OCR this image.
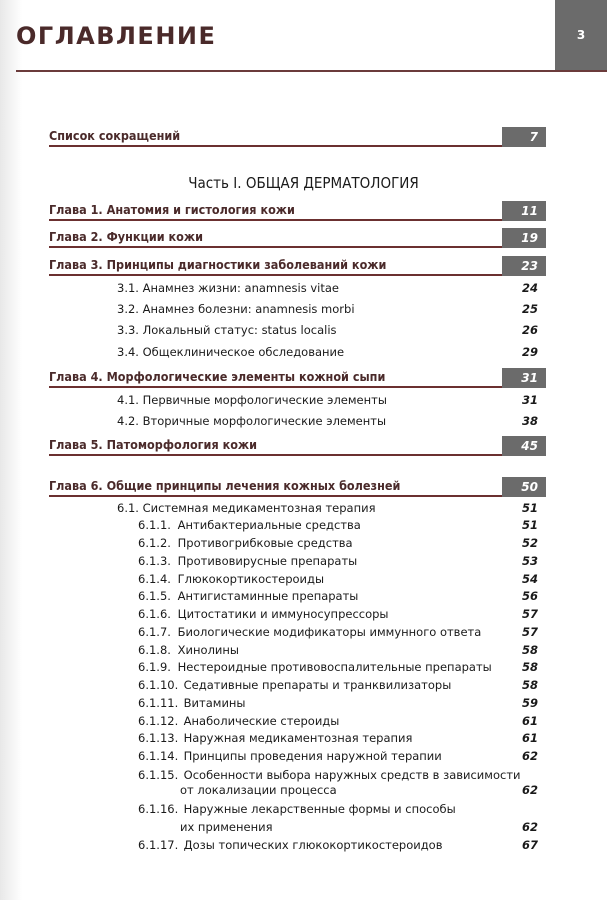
ОГЛАВЛЕНИЕ	3
Список сокращений	7
Часть I. ОБЩАЯ ДЕРМАТОЛОГИЯ
Глава 1. Анатомия и гистология кожи	11
Глава 2. Функции кожи	19
Глава 3. Принципы диагностики заболеваний кожи	23
3.1. Анамнез жизни: anamnesis vitae	24
3.2. Анамнез болезни: anamnesis morbi	25
3.3. Локальный статус: status localis	26
3.4. Общеклиническое обследование	29
Глава 4. Морфологические элементы кожной сыпи	31
4.1. Первичные морфологические элементы	31
4.2. Вторичные морфологические элементы	38
Глава 5. Патоморфология кожи	45
Глава 6. Общие принципы лечения кожных болезней	50
6.1. Системная медикаментозная терапия	51
6.1.1. Антибактериальные средства	51
6.1.2. Противогрибковые средства	52
6.1.3. Противовирусные препараты	53
6.1.4. Глюкокортикостероиды	54
6.1.5. Антигистаминные препараты	56
6.1.6. Цитостатики и иммуносупрессоры	57
6.1.7. Биологические модификаторы иммунного ответа	57
6.1.8. Хинолины	58
6.1.9. Нестероидные противовоспалительные препараты	58
6.1.10. Седативные препараты и транквилизаторы	58
6.1.11. Витамины	59
6.1.12. Анаболические стероиды	61
6.1.13. Наружная медикаментозная терапия	61
6.1.14. Принципы проведения наружной терапии	62
6.1.15. Особенности выбора наружных средств в зависимости
от локализации процесса	62
6.1.16. Наружные лекарственные формы и способы
их применения	62
6.1.17. Дозы топических глюкокортикостероидов	67
